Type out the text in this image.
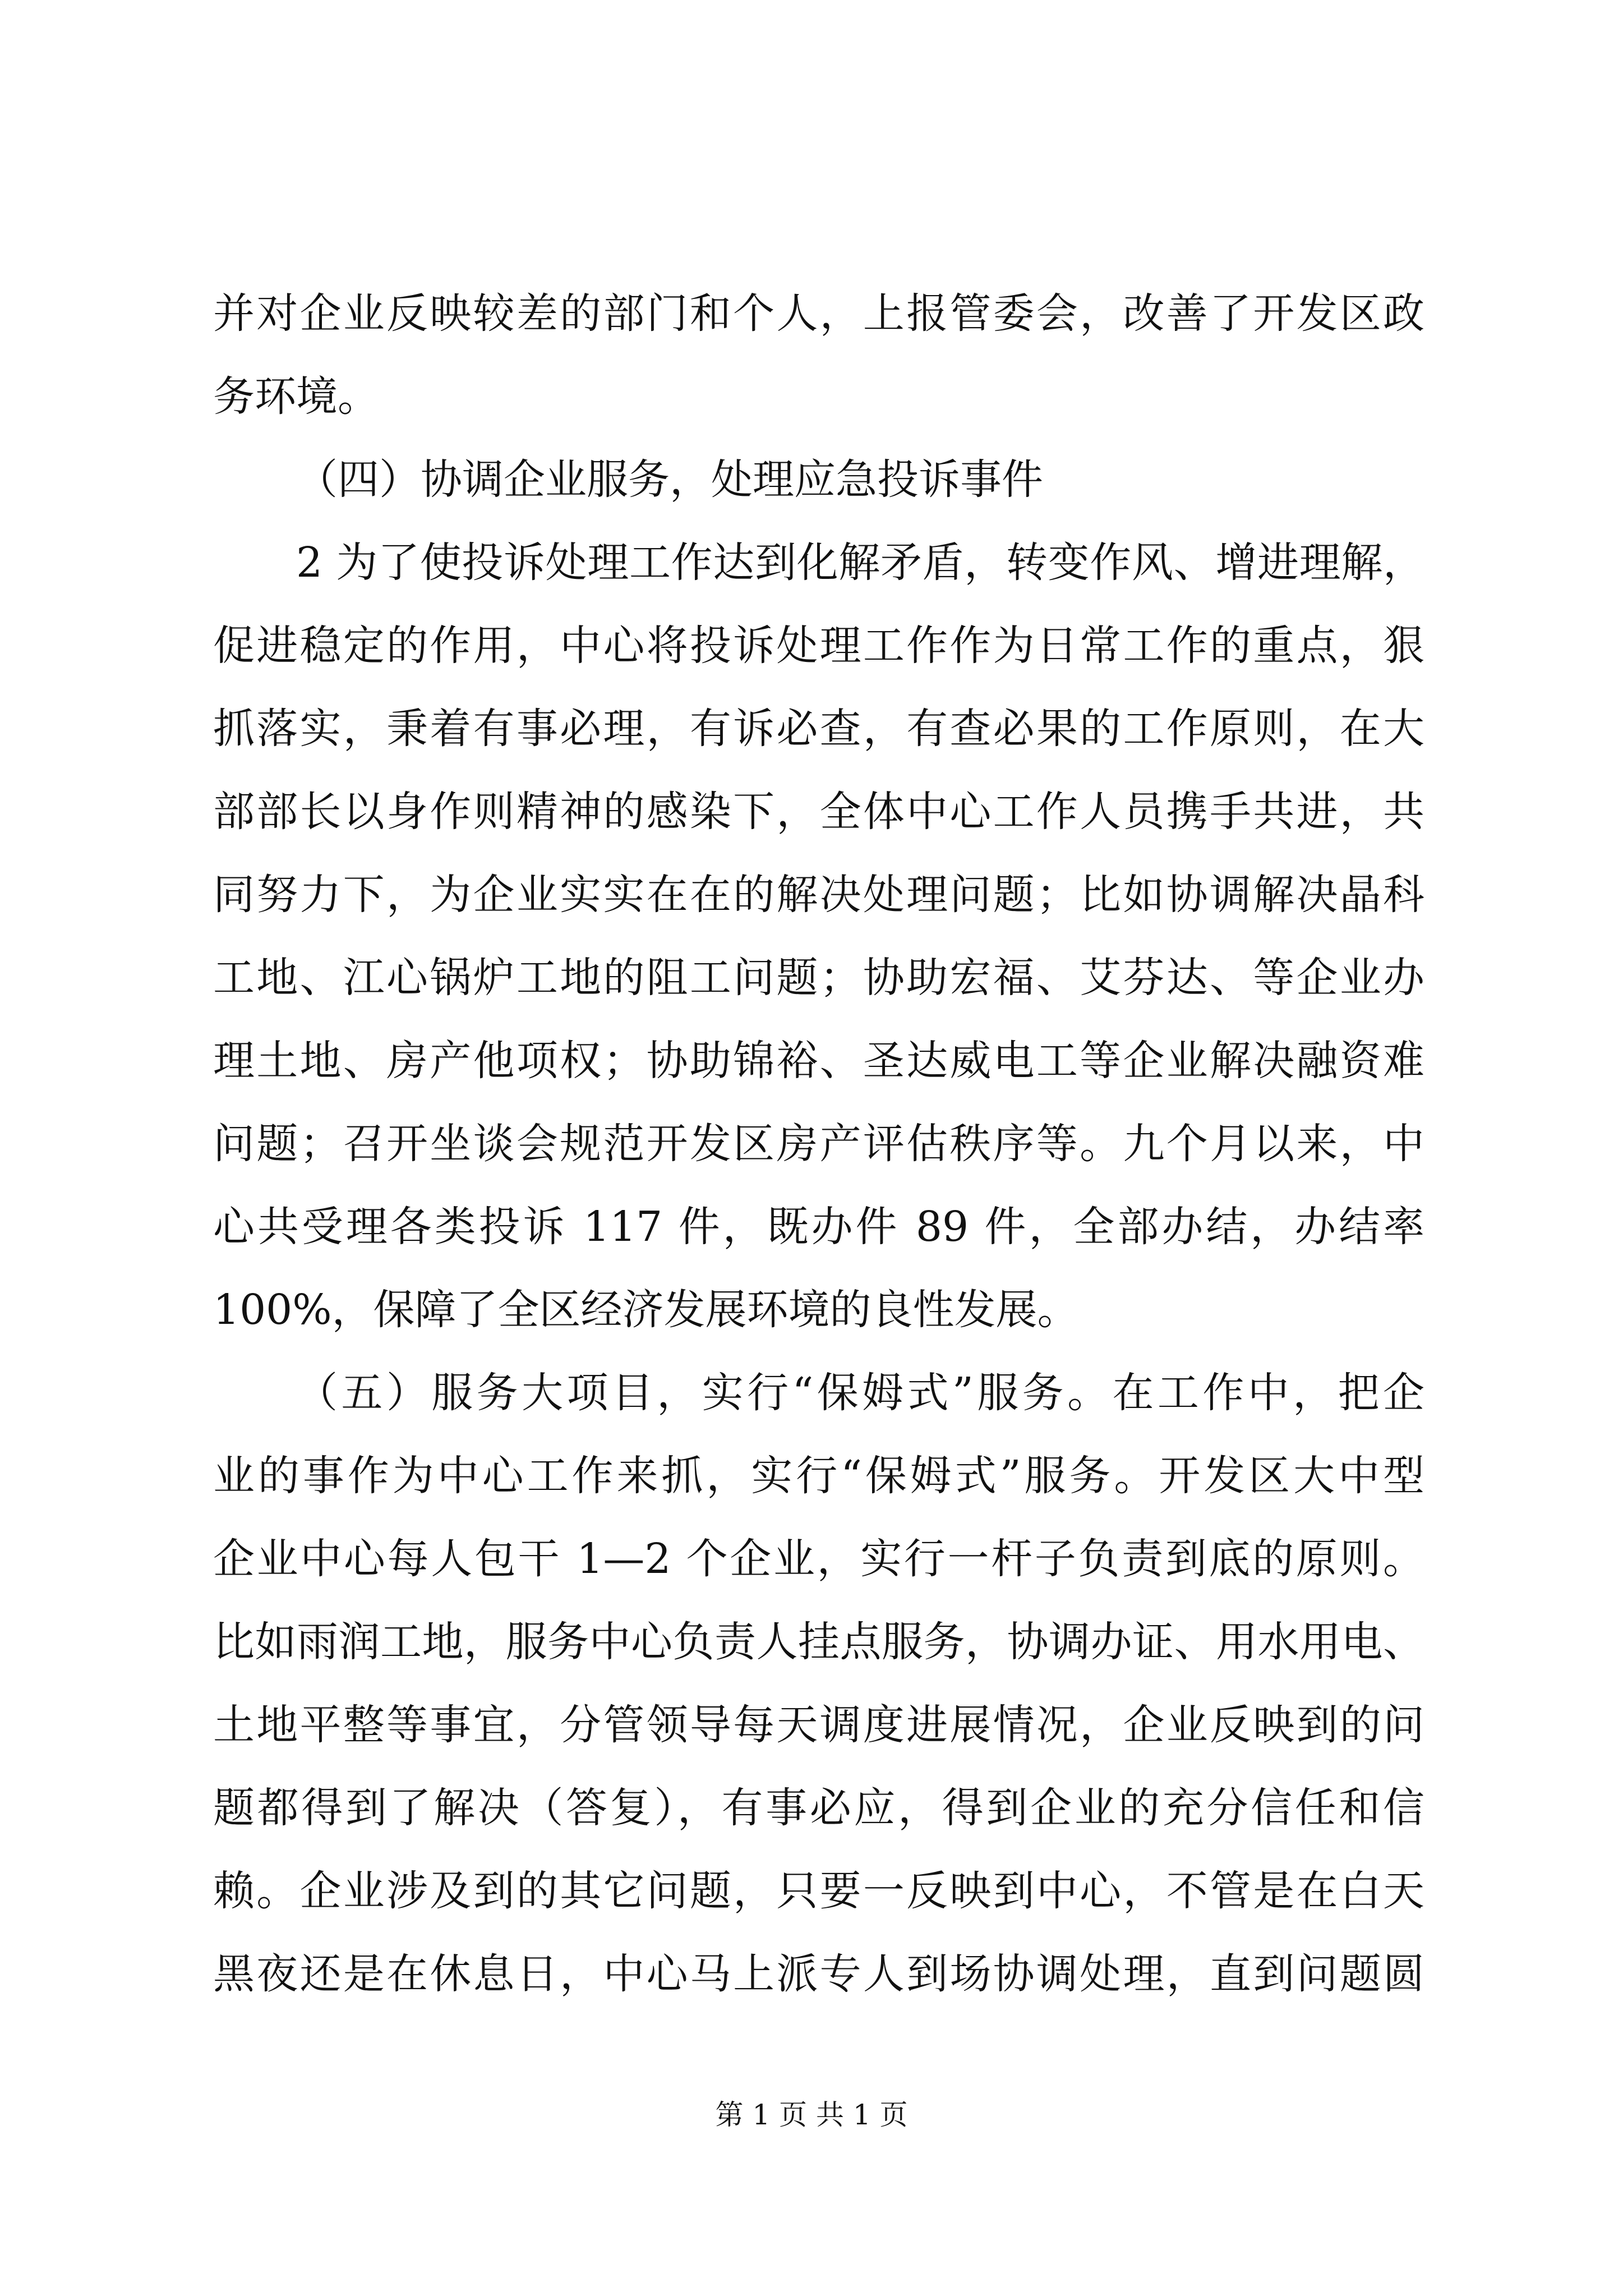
并对企业反映较差的部门和个人，上报管委会，改善了开发区政
务环境。
（四）协调企业服务，处理应急投诉事件
2 为了使投诉处理工作达到化解矛盾，转变作风、增进理解，
促进稳定的作用，中心将投诉处理工作作为日常工作的重点，狠
抓落实，秉着有事必理，有诉必查，有查必果的工作原则，在大
部部长以身作则精神的感染下，全体中心工作人员携手共进，共
同努力下，为企业实实在在的解决处理问题；比如协调解决晶科
工地、江心锅炉工地的阻工问题；协助宏福、艾芬达、等企业办
理土地、房产他项权；协助锦裕、圣达威电工等企业解决融资难
问题；召开坐谈会规范开发区房产评估秩序等。九个月以来，中
心共受理各类投诉 117 件，既办件 89 件，全部办结，办结率
100%，保障了全区经济发展环境的良性发展。
（五）服务大项目，实行“保姆式”服务。在工作中，把企
业的事作为中心工作来抓，实行“保姆式”服务。开发区大中型
企业中心每人包干 1—2 个企业，实行一杆子负责到底的原则。
比如雨润工地，服务中心负责人挂点服务，协调办证、用水用电、
土地平整等事宜，分管领导每天调度进展情况，企业反映到的问
题都得到了解决（答复），有事必应，得到企业的充分信任和信
赖。企业涉及到的其它问题，只要一反映到中心，不管是在白天
黑夜还是在休息日，中心马上派专人到场协调处理，直到问题圆
第 1 页 共 1 页
